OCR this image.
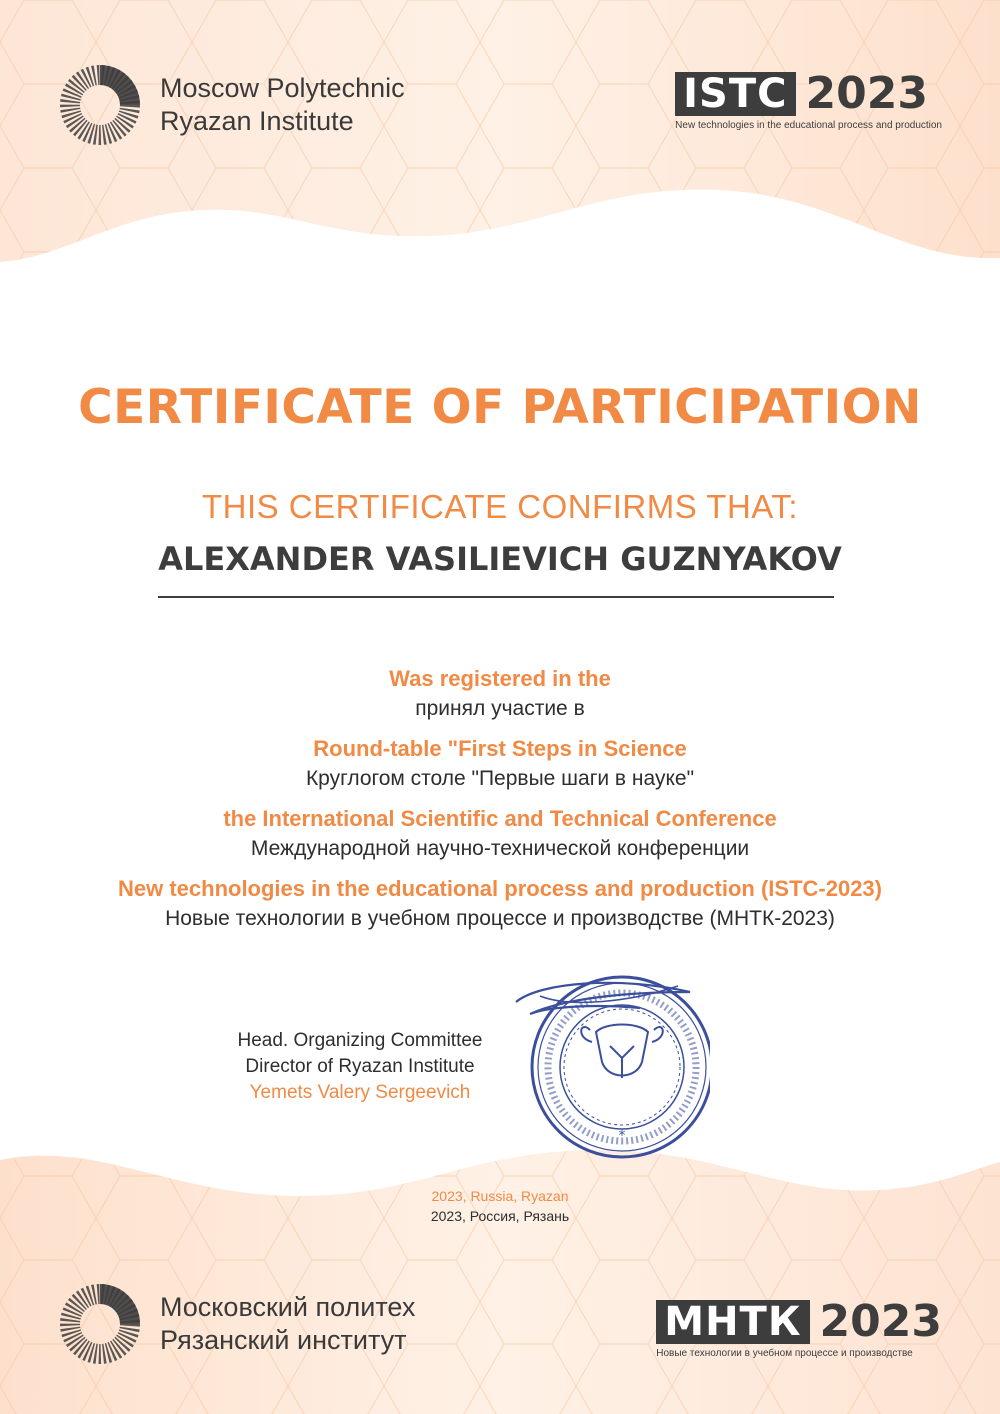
Moscow Polytechnic
Ryazan Institute
ISTC 2023
New technologies in the educational process and production
CERTIFICATE OF PARTICIPATION
THIS CERTIFICATE CONFIRMS THAT:
ALEXANDER VASILIEVICH GUZNYAKOV
Was registered in the
принял участие в
Round-table "First Steps in Science
Круглогом столе "Первые шаги в науке"
the International Scientific and Technical Conference
Международной научно-технической конференции
New technologies in the educational process and production (ISTC-2023)
Новые технологии в учебном процессе и производстве (МНТК-2023)
Head. Organizing Committee
Director of Ryazan Institute
Yemets Valery Sergeevich
*
2023, Russia, Ryazan
2023, Россия, Рязань
Московский политех
Рязанский институт	МНТК 2023
Новые технологии в учебном процессе и производстве
